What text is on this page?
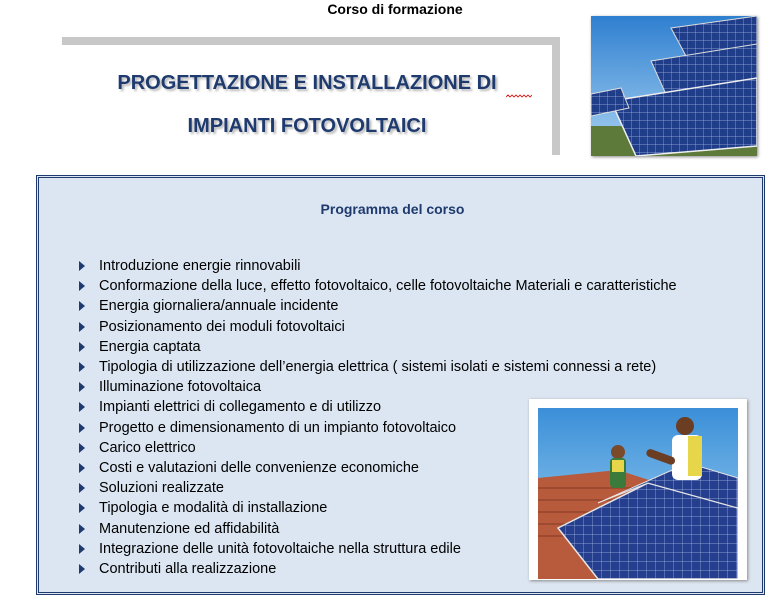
Corso di formazione
PROGETTAZIONE E INSTALLAZIONE DI
IMPIANTI FOTOVOLTAICI
Programma del corso
Introduzione energie rinnovabili
Conformazione della luce, effetto fotovoltaico, celle fotovoltaiche Materiali e caratteristiche
Energia giornaliera/annuale incidente
Posizionamento dei moduli fotovoltaici
Energia captata
Tipologia di utilizzazione dell’energia elettrica ( sistemi isolati e sistemi connessi a rete)
Illuminazione fotovoltaica
Impianti elettrici di collegamento e di utilizzo
Progetto e dimensionamento di un impianto fotovoltaico
Carico elettrico
Costi e valutazioni delle convenienze economiche
Soluzioni realizzate
Tipologia e modalità di installazione
Manutenzione ed affidabilità
Integrazione delle unità fotovoltaiche nella struttura edile
Contributi alla realizzazione
